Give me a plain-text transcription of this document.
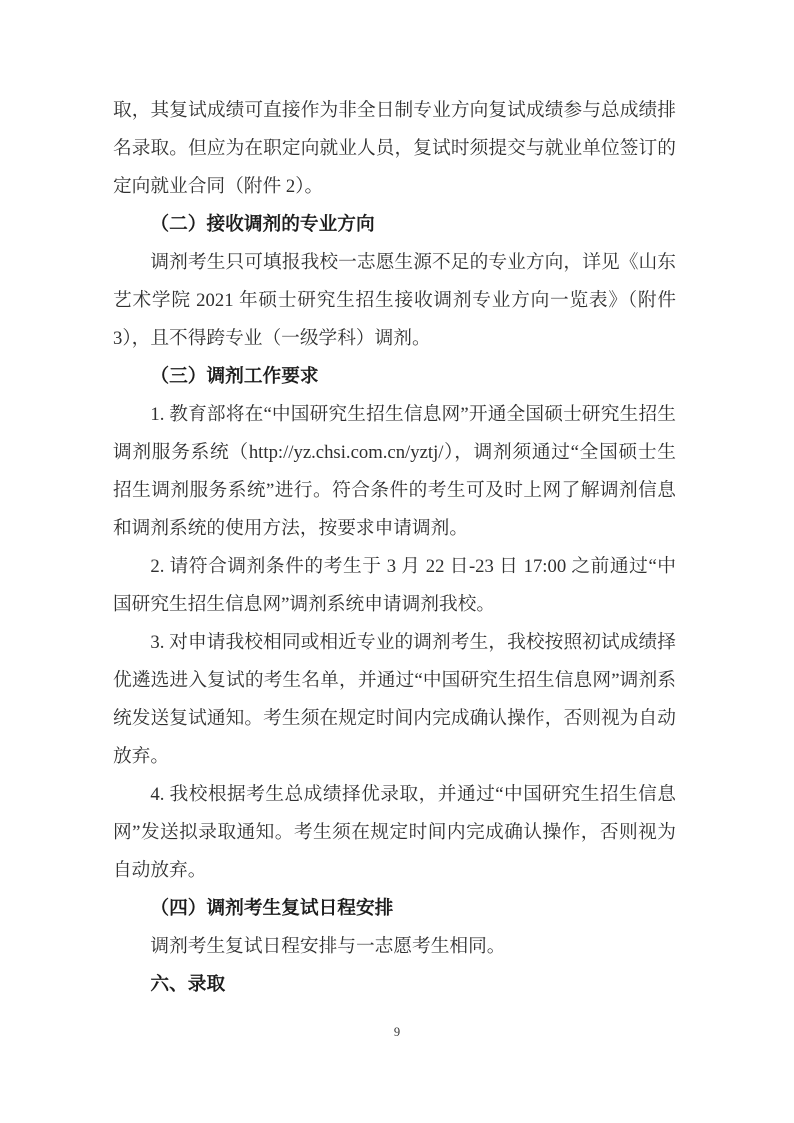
取，其复试成绩可直接作为非全日制专业方向复试成绩参与总成绩排名录取。但应为在职定向就业人员，复试时须提交与就业单位签订的定向就业合同（附件 2）。

（二）接收调剂的专业方向

调剂考生只可填报我校一志愿生源不足的专业方向，详见《山东艺术学院 2021 年硕士研究生招生接收调剂专业方向一览表》（附件 3），且不得跨专业（一级学科）调剂。

（三）调剂工作要求

1. 教育部将在“中国研究生招生信息网”开通全国硕士研究生招生调剂服务系统（http://yz.chsi.com.cn/yztj/），调剂须通过“全国硕士生招生调剂服务系统”进行。符合条件的考生可及时上网了解调剂信息和调剂系统的使用方法，按要求申请调剂。

2. 请符合调剂条件的考生于 3 月 22 日-23 日 17:00 之前通过“中国研究生招生信息网”调剂系统申请调剂我校。

3. 对申请我校相同或相近专业的调剂考生，我校按照初试成绩择优遴选进入复试的考生名单，并通过“中国研究生招生信息网”调剂系统发送复试通知。考生须在规定时间内完成确认操作，否则视为自动放弃。

4. 我校根据考生总成绩择优录取，并通过“中国研究生招生信息网”发送拟录取通知。考生须在规定时间内完成确认操作，否则视为自动放弃。

（四）调剂考生复试日程安排

调剂考生复试日程安排与一志愿考生相同。

六、录取

9
